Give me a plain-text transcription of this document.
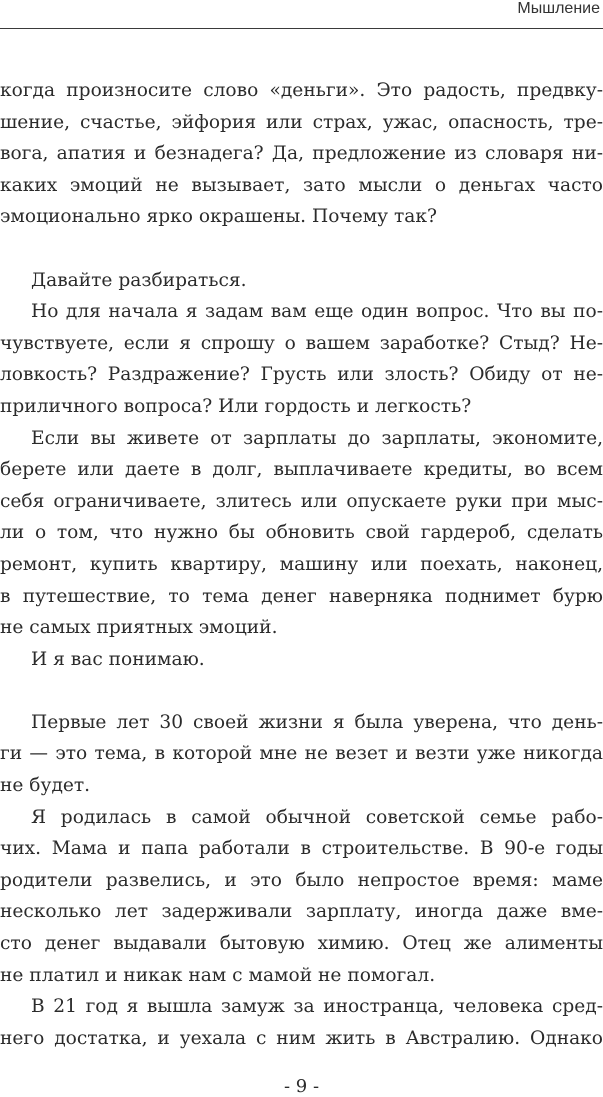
Мышление
когда произносите слово «деньги». Это радость, предвку-
шение, счастье, эйфория или страх, ужас, опасность, тре-
вога, апатия и безнадега? Да, предложение из словаря ни-
каких эмоций не вызывает, зато мысли о деньгах часто
эмоционально ярко окрашены. Почему так?
Давайте разбираться.
Но для начала я задам вам еще один вопрос. Что вы по-
чувствуете, если я спрошу о вашем заработке? Стыд? Не-
ловкость? Раздражение? Грусть или злость? Обиду от не-
приличного вопроса? Или гордость и легкость?
Если вы живете от зарплаты до зарплаты, экономите,
берете или даете в долг, выплачиваете кредиты, во всем
себя ограничиваете, злитесь или опускаете руки при мыс-
ли о том, что нужно бы обновить свой гардероб, сделать
ремонт, купить квартиру, машину или поехать, наконец,
в путешествие, то тема денег наверняка поднимет бурю
не самых приятных эмоций.
И я вас понимаю.
Первые лет 30 своей жизни я была уверена, что день-
ги — это тема, в которой мне не везет и везти уже никогда
не будет.
Я родилась в самой обычной советской семье рабо-
чих. Мама и папа работали в строительстве. В 90-е годы
родители развелись, и это было непростое время: маме
несколько лет задерживали зарплату, иногда даже вме-
сто денег выдавали бытовую химию. Отец же алименты
не платил и никак нам с мамой не помогал.
В 21 год я вышла замуж за иностранца, человека сред-
него достатка, и уехала с ним жить в Австралию. Однако
- 9 -
